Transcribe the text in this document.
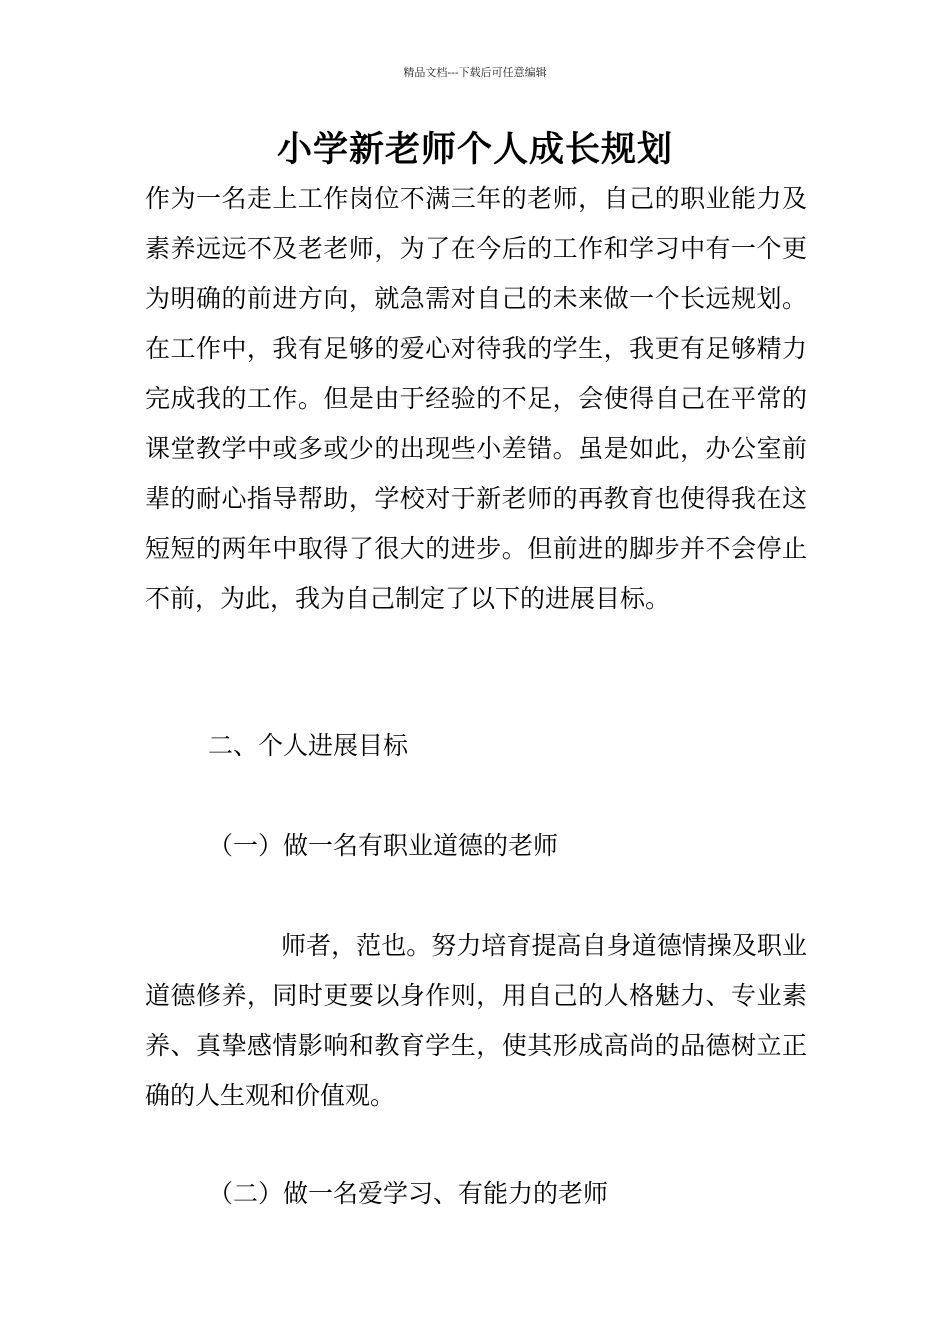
精品文档---下载后可任意编辑
小学新老师个人成长规划

作为一名走上工作岗位不满三年的老师，自己的职业能力及素养远远不及老老师，为了在今后的工作和学习中有一个更为明确的前进方向，就急需对自己的未来做一个长远规划。在工作中，我有足够的爱心对待我的学生，我更有足够精力完成我的工作。但是由于经验的不足，会使得自己在平常的课堂教学中或多或少的出现些小差错。虽是如此，办公室前辈的耐心指导帮助，学校对于新老师的再教育也使得我在这短短的两年中取得了很大的进步。但前进的脚步并不会停止不前，为此，我为自己制定了以下的进展目标。

二、个人进展目标

（一）做一名有职业道德的老师

师者，范也。努力培育提高自身道德情操及职业道德修养，同时更要以身作则，用自己的人格魅力、专业素养、真挚感情影响和教育学生，使其形成高尚的品德树立正确的人生观和价值观。

（二）做一名爱学习、有能力的老师
